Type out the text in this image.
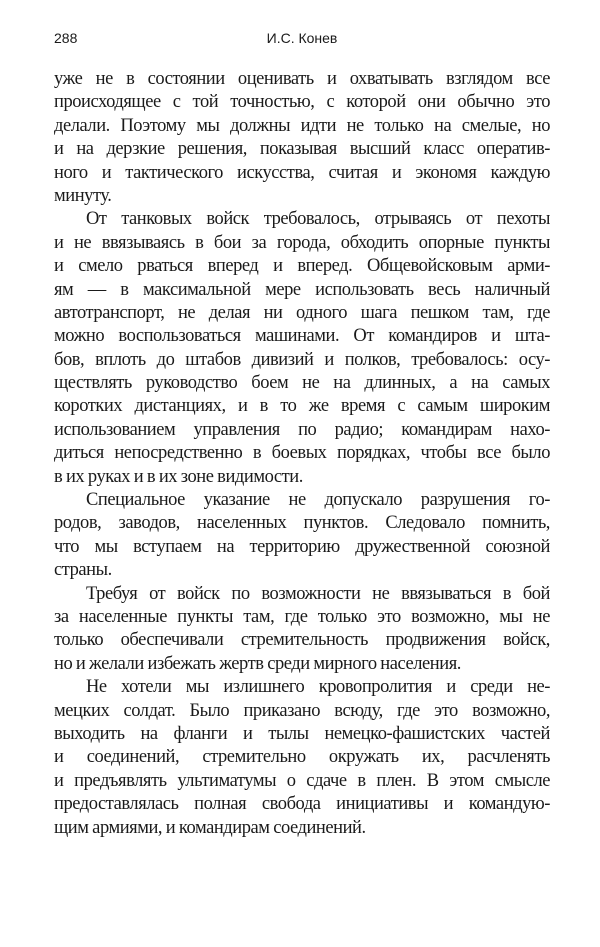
288	И.С. Конев
уже не в состоянии оценивать и охватывать взглядом все
происходящее с той точностью, с которой они обычно это
делали. Поэтому мы должны идти не только на смелые, но
и на дерзкие решения, показывая высший класс оператив-
ного и тактического искусства, считая и экономя каждую
минуту.
От танковых войск требовалось, отрываясь от пехоты
и не ввязываясь в бои за города, обходить опорные пункты
и смело рваться вперед и вперед. Общевойсковым арми-
ям — в максимальной мере использовать весь наличный
автотранспорт, не делая ни одного шага пешком там, где
можно воспользоваться машинами. От командиров и шта-
бов, вплоть до штабов дивизий и полков, требовалось: осу-
ществлять руководство боем не на длинных, а на самых
коротких дистанциях, и в то же время с самым широким
использованием управления по радио; командирам нахо-
диться непосредственно в боевых порядках, чтобы все было
в их руках и в их зоне видимости.
Специальное указание не допускало разрушения го-
родов, заводов, населенных пунктов. Следовало помнить,
что мы вступаем на территорию дружественной союзной
страны.
Требуя от войск по возможности не ввязываться в бой
за населенные пункты там, где только это возможно, мы не
только обеспечивали стремительность продвижения войск,
но и желали избежать жертв среди мирного населения.
Не хотели мы излишнего кровопролития и среди не-
мецких солдат. Было приказано всюду, где это возможно,
выходить на фланги и тылы немецко-фашистских частей
и соединений, стремительно окружать их, расчленять
и предъявлять ультиматумы о сдаче в плен. В этом смысле
предоставлялась полная свобода инициативы и командую-
щим армиями, и командирам соединений.
